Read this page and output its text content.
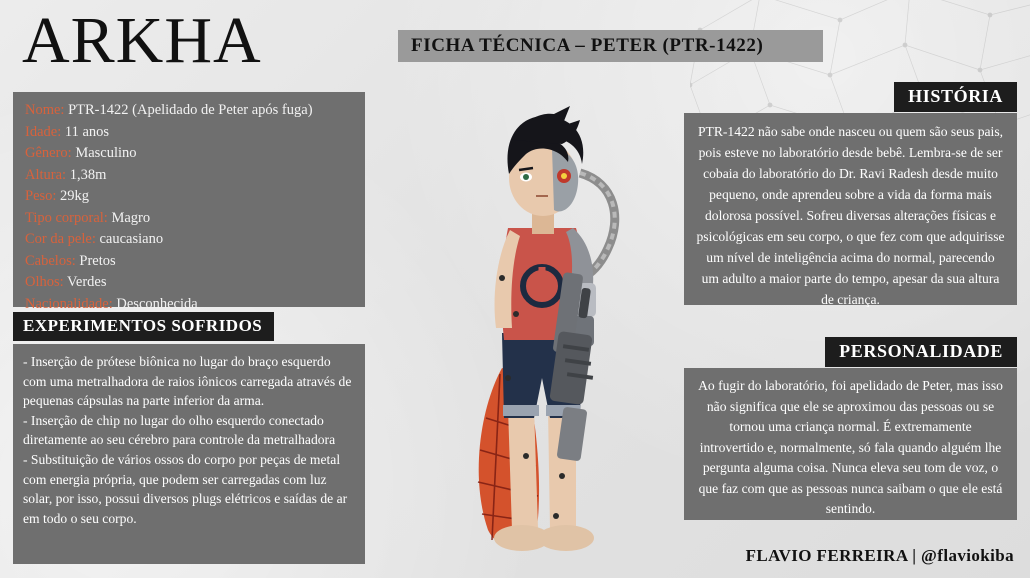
ARKHA
Nome: PTR-1422 (Apelidado de Peter após fuga)
Idade: 11 anos
Gênero: Masculino
Altura: 1,38m
Peso: 29kg
Tipo corporal: Magro
Cor da pele: caucasiano
Cabelos: Pretos
Olhos: Verdes
Nacionalidade: Desconhecida
EXPERIMENTOS SOFRIDOS

- Inserção de prótese biônica no lugar do braço esquerdo com uma metralhadora de raios iônicos carregada através de pequenas cápsulas na parte inferior da arma.

- Inserção de chip no lugar do olho esquerdo conectado diretamente ao seu cérebro para controle da metralhadora

- Substituição de vários ossos do corpo por peças de metal com energia própria, que podem ser carregadas com luz solar, por isso, possui diversos plugs elétricos e saídas de ar em todo o seu corpo.

FICHA TÉCNICA – PETER (PTR-1422)
HISTÓRIA
PTR-1422 não sabe onde nasceu ou quem são seus pais, pois esteve no laboratório desde bebê. Lembra-se de ser cobaia do laboratório do Dr. Ravi Radesh desde muito pequeno, onde aprendeu sobre a vida da forma mais dolorosa possível. Sofreu diversas alterações físicas e psicológicas em seu corpo, o que fez com que adquirisse um nível de inteligência acima do normal, parecendo um adulto a maior parte do tempo, apesar da sua altura de criança.
PERSONALIDADE
Ao fugir do laboratório, foi apelidado de Peter, mas isso não significa que ele se aproximou das pessoas ou se tornou uma criança normal. É extremamente introvertido e, normalmente, só fala quando alguém lhe pergunta alguma coisa. Nunca eleva seu tom de voz, o que faz com que as pessoas nunca saibam o que ele está sentindo.
FLAVIO FERREIRA | @flaviokiba
